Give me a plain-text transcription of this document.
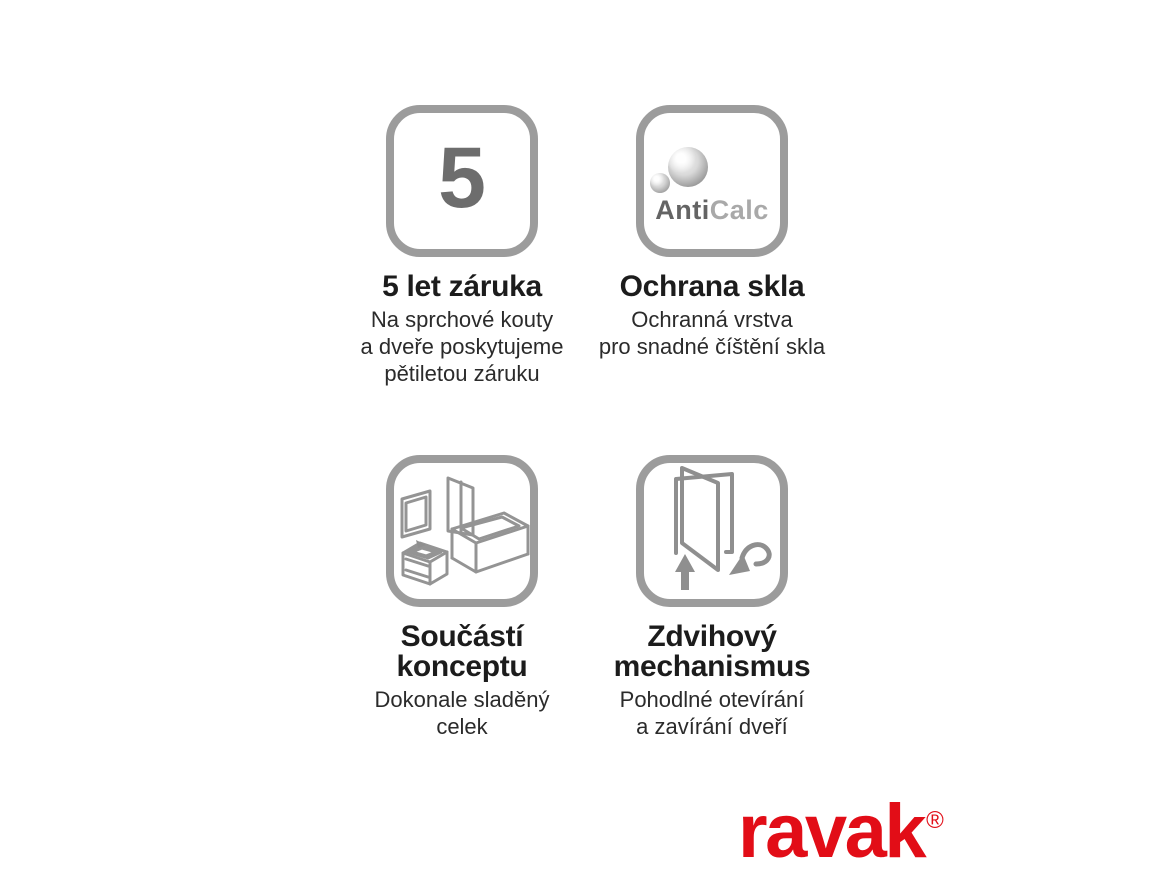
5
5 let záruka
Na sprchové kouty
a dveře poskytujeme
pětiletou záruku
AntiCalc
Ochrana skla
Ochranná vrstva
pro snadné číštění skla
Součástí
konceptu
Dokonale sladěný
celek
Zdvihový
mechanismus
Pohodlné otevírání
a zavírání dveří
ravak ®
